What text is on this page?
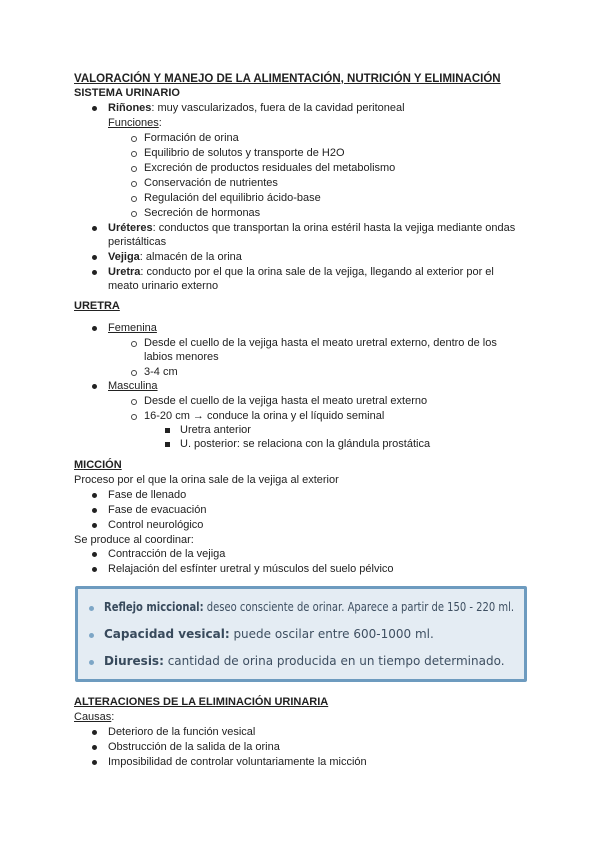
VALORACIÓN Y MANEJO DE LA ALIMENTACIÓN, NUTRICIÓN Y ELIMINACIÓN
SISTEMA URINARIO
Riñones: muy vascularizados, fuera de la cavidad peritoneal
Funciones:
Formación de orina
Equilibrio de solutos y transporte de H2O
Excreción de productos residuales del metabolismo
Conservación de nutrientes
Regulación del equilibrio ácido-base
Secreción de hormonas
Uréteres: conductos que transportan la orina estéril hasta la vejiga mediante ondas
peristálticas
Vejiga: almacén de la orina
Uretra: conducto por el que la orina sale de la vejiga, llegando al exterior por el
meato urinario externo
URETRA
Femenina
Desde el cuello de la vejiga hasta el meato uretral externo, dentro de los
labios menores
3-4 cm
Masculina
Desde el cuello de la vejiga hasta el meato uretral externo
16-20 cm → conduce la orina y el líquido seminal
Uretra anterior
U. posterior: se relaciona con la glándula prostática
MICCIÓN
Proceso por el que la orina sale de la vejiga al exterior
Fase de llenado
Fase de evacuación
Control neurológico
Se produce al coordinar:
Contracción de la vejiga
Relajación del esfínter uretral y músculos del suelo pélvico
Reflejo miccional: deseo consciente de orinar. Aparece a partir de 150 - 220 ml.
Capacidad vesical: puede oscilar entre 600-1000 ml.
Diuresis: cantidad de orina producida en un tiempo determinado.
ALTERACIONES DE LA ELIMINACIÓN URINARIA
Causas:
Deterioro de la función vesical
Obstrucción de la salida de la orina
Imposibilidad de controlar voluntariamente la micción
